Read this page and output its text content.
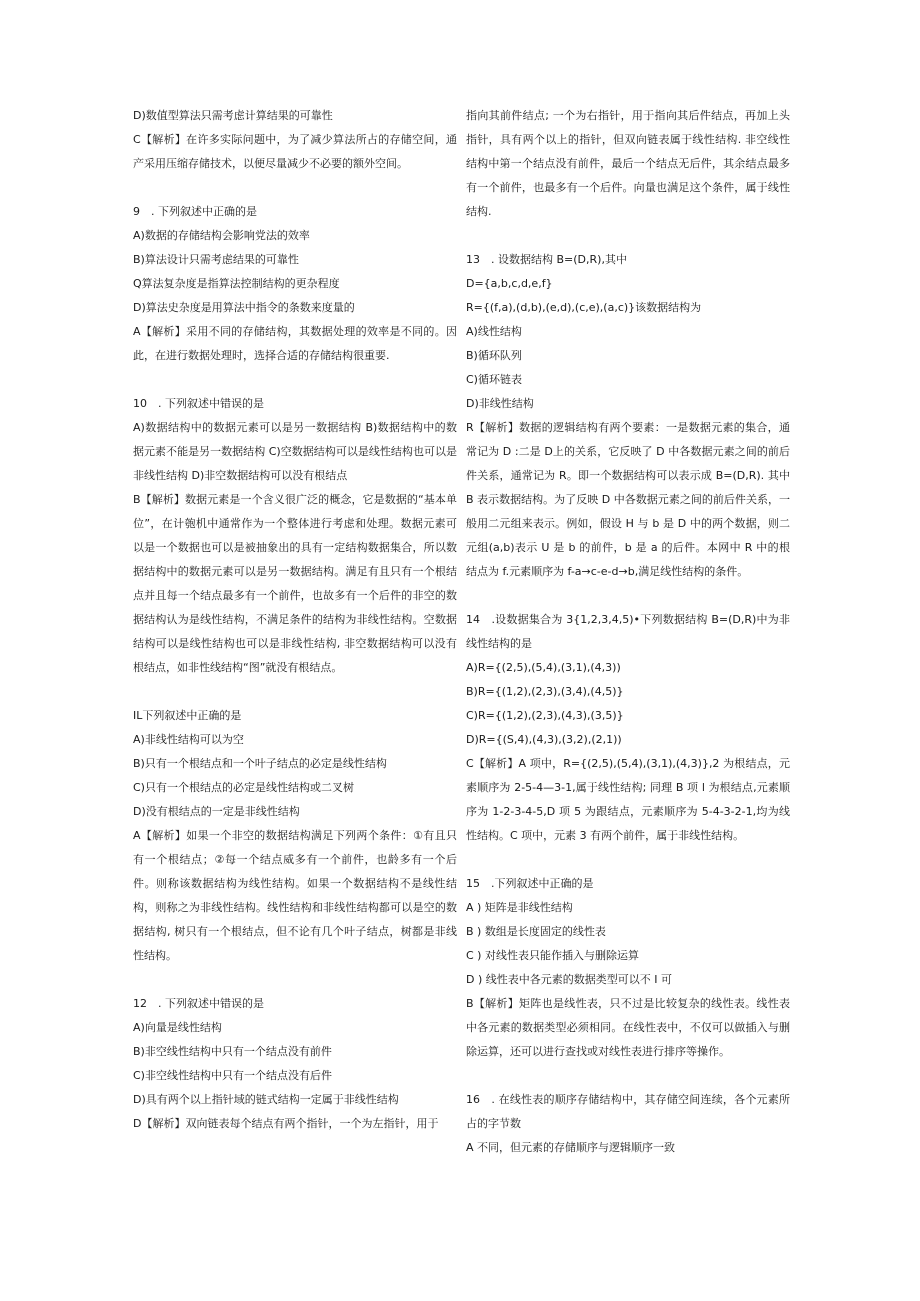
D)数值型算法只需考虑计算结果的可靠性

C【解析】在许多实际问题中，为了减少算法所占的存储空间，通产采用压缩存储技术，以便尽量减少不必要的额外空间。

9　. 下列叙述中正确的是

A)数据的存储结构会影响党法的效率

B)算法设计只需考虑结果的可靠性

Q算法复杂度是指算法控制结构的更杂程度

D)算法史杂度是用算法中指令的条数来度量的

A【解析】采用不同的存储结构，其数据处理的效率是不同的。因此，在进行数据处理时，选择合适的存储结构很重要.

10　. 下列叙述中错误的是

A)数据结构中的数据元素可以是另一数据结构 B)数据结构中的数据元素不能是另一数据结构 C)空数据结构可以是线性结构也可以是非线性结构 D)非空数据结构可以没有根结点

B【解析】数据元素是一个含义很广泛的概念，它是数据的“基本单位”，在计匏机中通常作为一个整体进行考虑和处理。数据元素可以是一个数据也可以是被抽象出的具有一定结构数据集合，所以数据结构中的数据元素可以是另一数据结构。满足有且只有一个根结点并且每一个结点最多有一个前件，也故多有一个后件的非空的数据结构认为是线性结构，不满足条件的结构为非线性结构。空数据结构可以是线性结构也可以是非线性结构, 非空数据结构可以没有根结点，如非性线结构“图”就没有根结点。

IL下列叙述中正确的是

A)非线性结构可以为空

B)只有一个根结点和一个叶子结点的必定是线性结构

C)只有一个根结点的必定是线性结构或二叉树

D)没有根结点的一定是非线性结构

A【解析】如果一个非空的数据结构满足下列两个条件：①有且只有一个根结点；②每一个结点威多有一个前件，也龄多有一个后件。则称该数据结构为线性结构。如果一个数据结构不是线性结构，则称之为非线性结构。线性结构和非线性结构都可以是空的数据结构, 树只有一个根结点，但不论有几个叶子结点，树都是非线性结构。

12　. 下列叙述中错误的是

A)向量是线性结构

B)非空线性结构中只有一个结点没有前件

C)非空线性结构中只有一个结点没有后件

D)具有两个以上指针域的链式结构一定属于非线性结构

D【解析】双向链表每个结点有两个指针，一个为左指针，用于

指向其前件结点; 一个为右指针，用于指向其后件结点，再加上头指针，具有两个以上的指针，但双向链表属于线性结构. 非空线性结构中第一个结点没有前件，最后一个结点无后件，其余结点最多有一个前件，也最多有一个后件。向量也满足这个条件，属于线性结构.

13　. 设数据结构 B=(D,R),其中

D={a,b,c,d,e,f}

R={(f,a),(d,b),(e,d),(c,e),(a,c)}该数据结构为

A)线性结构

B)循环队列

C)循环链表

D)非线性结构

R【解析】数据的逻辑结构有两个要素：一是数据元素的集合，通常记为 D :二是 D上的关系，它反映了 D 中各数据元素之间的前后件关系，通常记为 R。即一个数据结构可以表示成 B=(D,R). 其中 B 表示数据结构。为了反映 D 中各数据元素之间的前后件关系，一般用二元组来表示。例如，假设 H 与 b 是 D 中的两个数据，则二元组(a,b)表示 U 是 b 的前件，b 是 a 的后件。本网中 R 中的根结点为 f.元素顺序为 f-a→c-e-d→b,满足线性结构的条件。

14　.设数据集合为 3{1,2,3,4,5)•下列数据结构 B=(D,R)中为非线性结构的是

A)R={(2,5),(5,4),(3,1),(4,3))

B)R={(1,2),(2,3),(3,4),(4,5)}

C)R={(1,2),(2,3),(4,3),(3,5)}

D)R={(S,4),(4,3),(3,2),(2,1))

C【解析】A 项中，R={(2,5),(5,4),(3,1),(4,3)},2 为根结点，元素顺序为 2-5-4—3-1,属于线性结构; 同理 B 项 l 为根结点,元素顺序为 1-2-3-4-5,D 项 5 为跟结点，元素顺序为 5-4-3-2-1,均为线性结构。C 项中，元素 3 有两个前件，属于非线性结构。

15　.下列叙述中正确的是

A ) 矩阵是非线性结构

B ) 数组是长度固定的线性表

C ) 对线性表只能作插入与删除运算

D ) 线性表中各元素的数据类型可以不 I 可

B【解析】矩阵也是线性表，只不过是比较复杂的线性表。线性表中各元素的数据类型必须相同。在线性表中，不仅可以做插入与删除运算，还可以进行查找或对线性表进行排序等操作。

16　. 在线性表的顺序存储结构中，其存储空间连续，各个元素所占的字节数

A 不同，但元素的存储顺序与逻辑顺序一致
